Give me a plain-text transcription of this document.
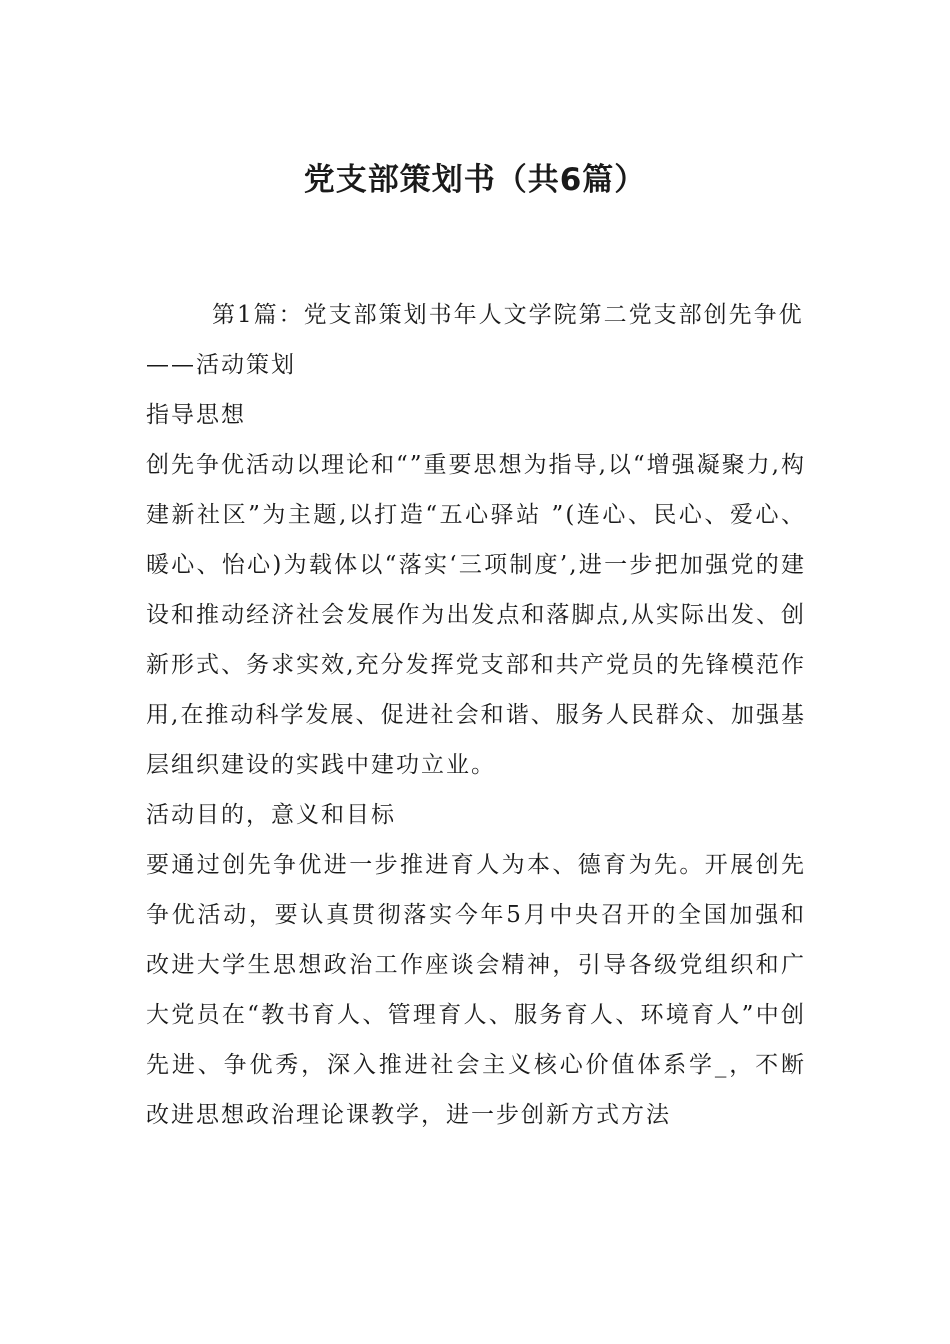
党支部策划书（共6篇）

第1篇：党支部策划书年人文学院第二党支部创先争优

——活动策划

指导思想

创先争优活动以理论和“”重要思想为指导,以“增强凝聚力,构建新社区”为主题,以打造“五心驿站 ”(连心、民心、爱心、暖心、怡心)为载体以“落实‘三项制度’,进一步把加强党的建设和推动经济社会发展作为出发点和落脚点,从实际出发、创新形式、务求实效,充分发挥党支部和共产党员的先锋模范作用,在推动科学发展、促进社会和谐、服务人民群众、加强基层组织建设的实践中建功立业。

活动目的，意义和目标

要通过创先争优进一步推进育人为本、德育为先。开展创先争优活动，要认真贯彻落实今年5月中央召开的全国加强和改进大学生思想政治工作座谈会精神，引导各级党组织和广大党员在“教书育人、管理育人、服务育人、环境育人”中创先进、争优秀，深入推进社会主义核心价值体系学_，不断改进思想政治理论课教学，进一步创新方式方法
